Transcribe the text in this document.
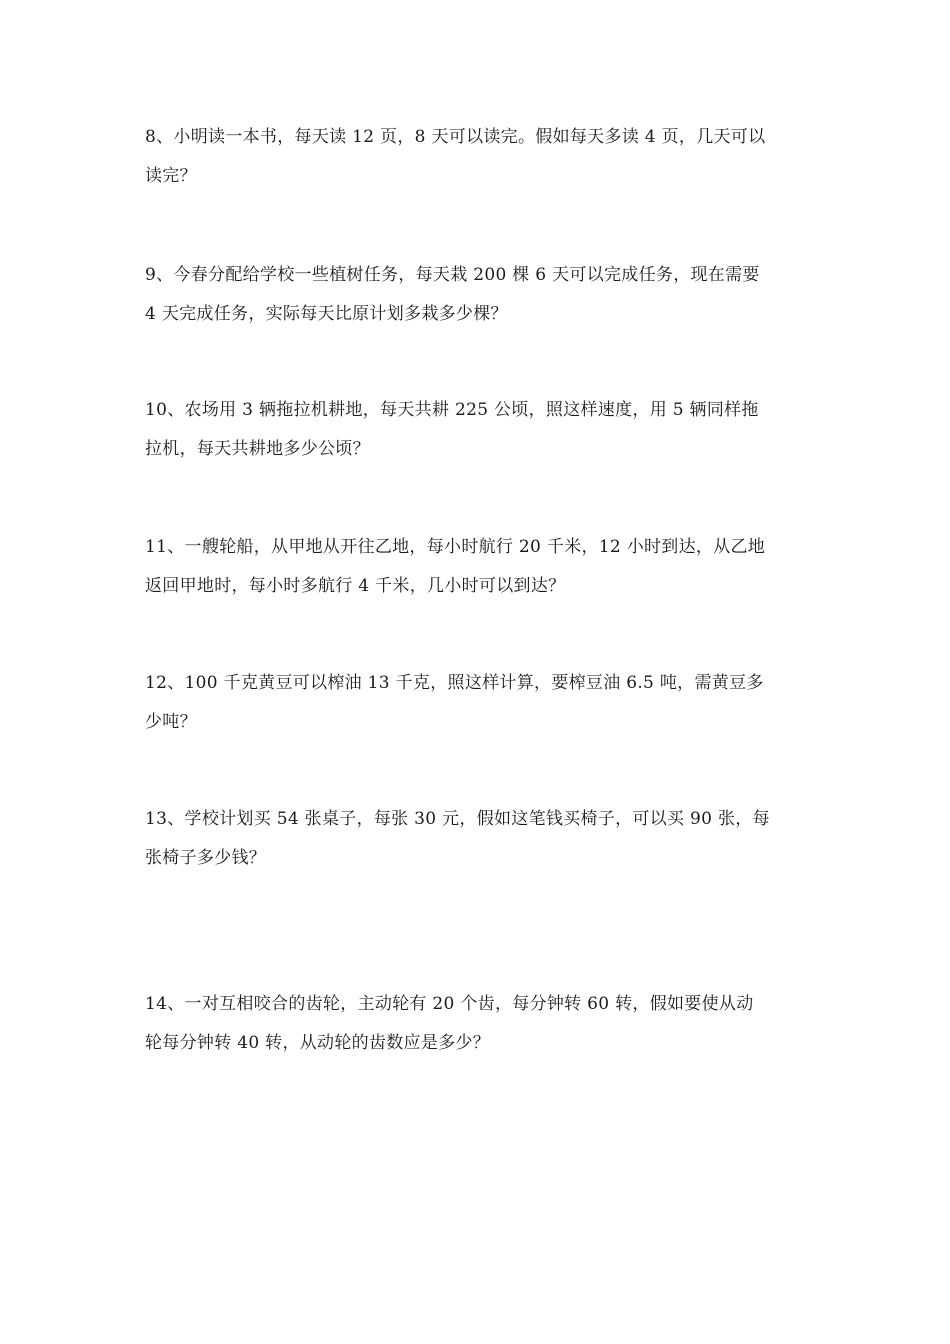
8、小明读一本书，每天读 12 页，8 天可以读完。假如每天多读 4 页，几天可以
读完？
9、今春分配给学校一些植树任务，每天栽 200 棵 6 天可以完成任务，现在需要
4 天完成任务，实际每天比原计划多栽多少棵？
10、农场用 3 辆拖拉机耕地，每天共耕 225 公顷，照这样速度，用 5 辆同样拖
拉机，每天共耕地多少公顷？
11、一艘轮船，从甲地从开往乙地，每小时航行 20 千米，12 小时到达，从乙地
返回甲地时，每小时多航行 4 千米，几小时可以到达？
12、100 千克黄豆可以榨油 13 千克，照这样计算，要榨豆油 6.5 吨，需黄豆多
少吨？
13、学校计划买 54 张桌子，每张 30 元，假如这笔钱买椅子，可以买 90 张，每
张椅子多少钱？
14、一对互相咬合的齿轮，主动轮有 20 个齿，每分钟转 60 转，假如要使从动
轮每分钟转 40 转，从动轮的齿数应是多少？
